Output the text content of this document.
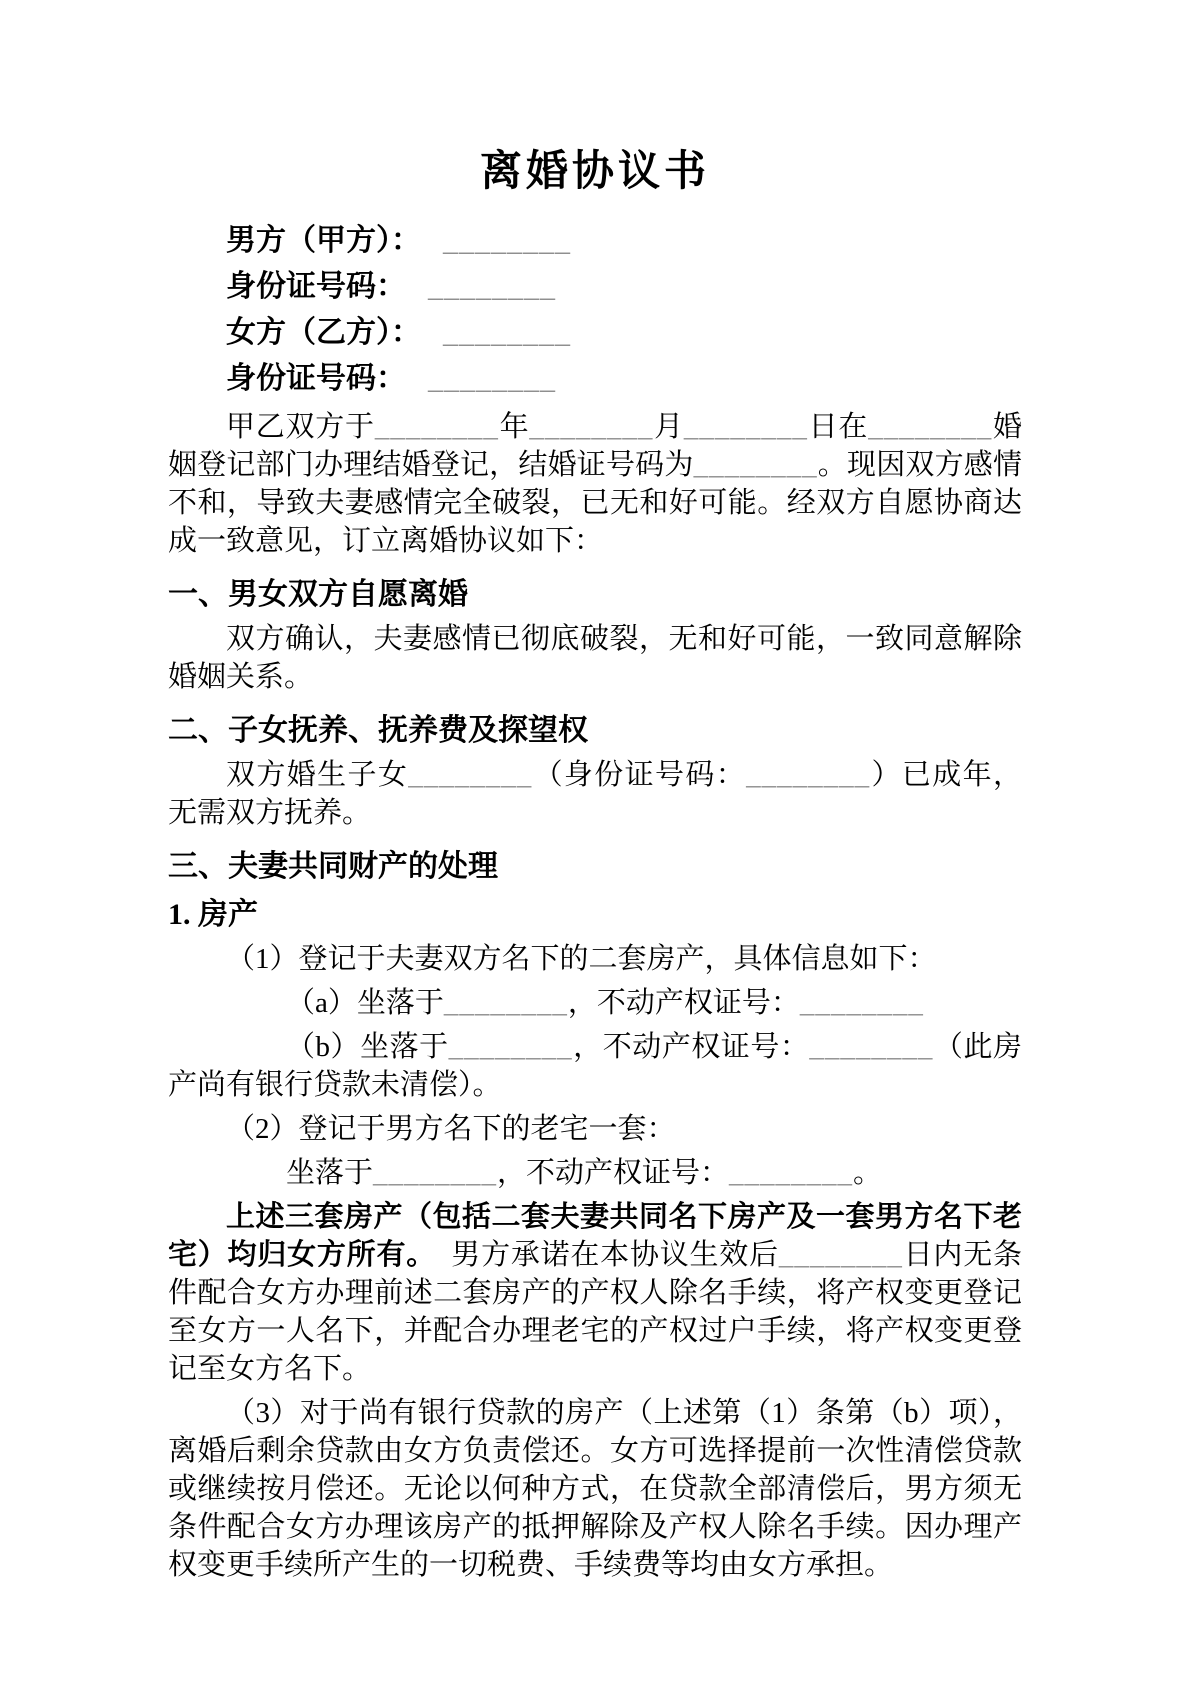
离婚协议书
男方（甲方）： ________
身份证号码： ________
女方（乙方）： ________
身份证号码： ________

甲乙双方于________年________月________日在________婚姻登记部门办理结婚登记，结婚证号码为________。现因双方感情不和，导致夫妻感情完全破裂，已无和好可能。经双方自愿协商达成一致意见，订立离婚协议如下：

一、男女双方自愿离婚

双方确认，夫妻感情已彻底破裂，无和好可能，一致同意解除婚姻关系。

二、子女抚养、抚养费及探望权

双方婚生子女________（身份证号码：________）已成年，无需双方抚养。

三、夫妻共同财产的处理
1. 房产

（1）登记于夫妻双方名下的二套房产，具体信息如下：

（a）坐落于________，不动产权证号：________

（b）坐落于________，不动产权证号：________（此房产尚有银行贷款未清偿）。

（2）登记于男方名下的老宅一套：

坐落于________，不动产权证号：________。

上述三套房产（包括二套夫妻共同名下房产及一套男方名下老宅）均归女方所有。　男方承诺在本协议生效后________日内无条件配合女方办理前述二套房产的产权人除名手续，将产权变更登记至女方一人名下，并配合办理老宅的产权过户手续，将产权变更登记至女方名下。

（3）对于尚有银行贷款的房产（上述第（1）条第（b）项），离婚后剩余贷款由女方负责偿还。女方可选择提前一次性清偿贷款或继续按月偿还。无论以何种方式，在贷款全部清偿后，男方须无条件配合女方办理该房产的抵押解除及产权人除名手续。因办理产权变更手续所产生的一切税费、手续费等均由女方承担。
